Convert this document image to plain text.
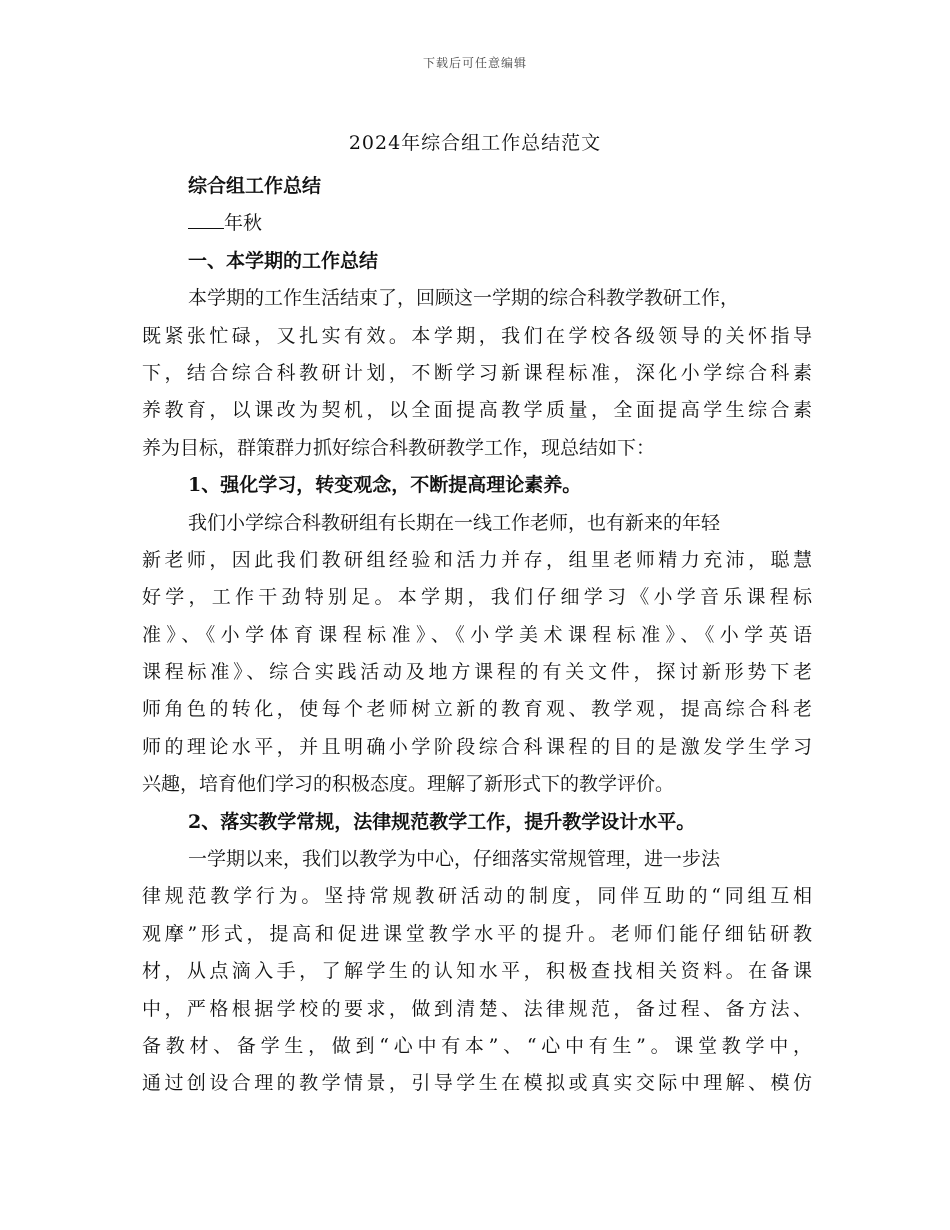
下载后可任意编辑
2024年综合组工作总结范文
综合组工作总结
年秋
一、本学期的工作总结
本学期的工作生活结束了，回顾这一学期的综合科教学教研工作，
既紧张忙碌，又扎实有效。本学期，我们在学校各级领导的关怀指导
下，结合综合科教研计划，不断学习新课程标准，深化小学综合科素
养教育，以课改为契机，以全面提高教学质量，全面提高学生综合素
养为目标，群策群力抓好综合科教研教学工作，现总结如下：
1、强化学习，转变观念，不断提高理论素养。
我们小学综合科教研组有长期在一线工作老师，也有新来的年轻
新老师，因此我们教研组经验和活力并存，组里老师精力充沛，聪慧
好学，工作干劲特别足。本学期，我们仔细学习《小学音乐课程标
准》、《小学体育课程标准》、《小学美术课程标准》、《小学英语
课程标准》、综合实践活动及地方课程的有关文件，探讨新形势下老
师角色的转化，使每个老师树立新的教育观、教学观，提高综合科老
师的理论水平，并且明确小学阶段综合科课程的目的是激发学生学习
兴趣，培育他们学习的积极态度。理解了新形式下的教学评价。
2、落实教学常规，法律规范教学工作，提升教学设计水平。
一学期以来，我们以教学为中心，仔细落实常规管理，进一步法
律规范教学行为。坚持常规教研活动的制度，同伴互助的“同组互相
观摩”形式，提高和促进课堂教学水平的提升。老师们能仔细钻研教
材，从点滴入手，了解学生的认知水平，积极查找相关资料。在备课
中，严格根据学校的要求，做到清楚、法律规范，备过程、备方法、
备教材、备学生，做到“心中有本”、“心中有生”。课堂教学中，
通过创设合理的教学情景，引导学生在模拟或真实交际中理解、模仿
